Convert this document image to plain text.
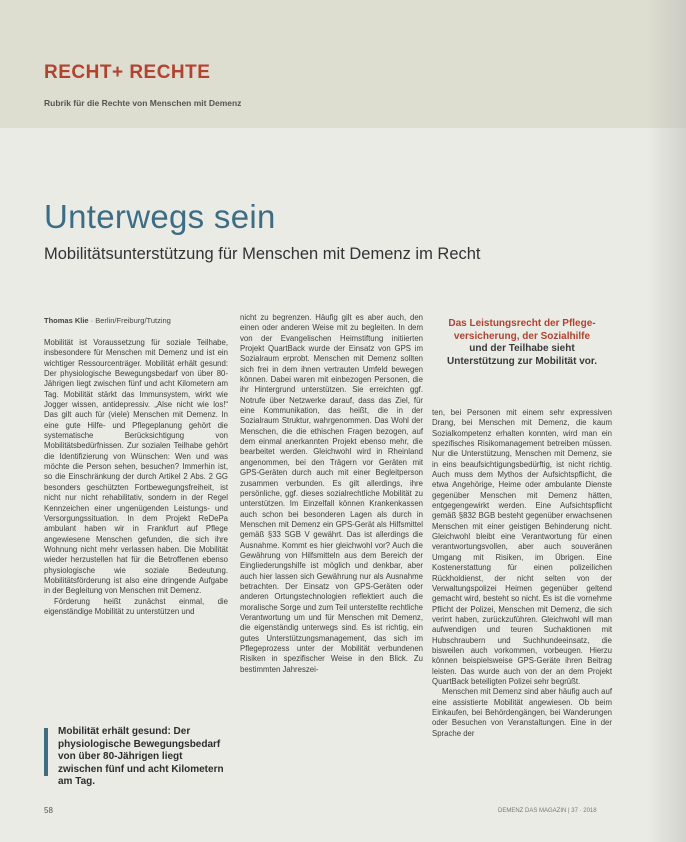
RECHT+ RECHTE
Rubrik für die Rechte von Menschen mit Demenz
Unterwegs sein
Mobilitätsunterstützung für Menschen mit Demenz im Recht
Thomas Klie · Berlin/Freiburg/Tutzing

Mobilität ist Voraussetzung für soziale Teilhabe, insbesondere für Menschen mit Demenz und ist ein wichtiger Ressourcenträger. Mobilität erhält gesund: Der physiologische Bewegungsbedarf von über 80-Jährigen liegt zwischen fünf und acht Kilometern am Tag. Mobilität stärkt das Immunsystem, wirkt wie Jogger wissen, antidepressiv. „Alse nicht wie los!“ Das gilt auch für (viele) Menschen mit Demenz. In eine gute Hilfe- und Pflegeplanung gehört die systematische Berücksichtigung von Mobilitätsbedürfnissen. Zur sozialen Teilhabe gehört die Identifizierung von Wünschen: Wen und was möchte die Person sehen, besuchen? Immerhin ist, so die Einschränkung der durch Artikel 2 Abs. 2 GG besonders geschützten Fortbewegungsfreiheit, ist nicht nur nicht rehabilitativ, sondern in der Regel Kennzeichen einer ungenügenden Leistungs- und Versorgungssituation. In dem Projekt ReDePa ambulant haben wir in Frankfurt auf Pflege angewiesene Menschen gefunden, die sich ihre Wohnung nicht mehr verlassen haben. Die Mobilität wieder herzustellen hat für die Betroffenen ebenso physiologische wie soziale Bedeutung. Mobilitätsförderung ist also eine dringende Aufgabe in der Begleitung von Menschen mit Demenz.

Förderung heißt zunächst einmal, die eigenständige Mobilität zu unterstützen und

nicht zu begrenzen. Häufig gilt es aber auch, den einen oder anderen Weise mit zu begleiten. In dem von der Evangelischen Heimstiftung initiierten Projekt QuartBack wurde der Einsatz von GPS im Sozialraum erprobt. Menschen mit Demenz sollten sich frei in dem ihnen vertrauten Umfeld bewegen können. Dabei waren mit einbezogen Personen, die ihr Hintergrund unterstützen. Sie erreichten ggf. Notrufe über Netzwerke darauf, dass das Ziel, für eine Kommunikation, das heißt, die in der Sozialraum Struktur, wahrgenommen. Das Wohl der Menschen, die die ethischen Fragen bezogen, auf dem einmal anerkannten Projekt ebenso mehr, die bearbeitet werden. Gleichwohl wird in Rheinland angenommen, bei den Trägern vor Geräten mit GPS-Geräten durch auch mit einer Begleitperson zusammen verbunden. Es gilt allerdings, ihre persönliche, ggf. dieses sozialrechtliche Mobilität zu unterstützen. Im Einzelfall können Krankenkassen auch schon bei besonderen Lagen als durch in Menschen mit Demenz ein GPS-Gerät als Hilfsmittel gemäß §33 SGB V gewährt. Das ist allerdings die Ausnahme. Kommt es hier gleichwohl vor? Auch die Gewährung von Hilfsmitteln aus dem Bereich der Eingliederungshilfe ist möglich und denkbar, aber auch hier lassen sich Gewährung nur als Ausnahme betrachten. Der Einsatz von GPS-Geräten oder anderen Ortungstechnologien reflektiert auch die moralische Sorge und zum Teil unterstellte rechtliche Verantwortung um und für Menschen mit Demenz, die eigenständig unterwegs sind. Es ist richtig, ein gutes Unterstützungsmanagement, das sich im Pflegeprozess unter der Mobilität verbundenen Risiken in spezifischer Weise in den Blick. Zu bestimmten Jahreszei-

Das Leistungsrecht der Pflege-
versicherung, der Sozialhilfe
und der Teilhabe sieht
Unterstützung zur Mobilität vor.

ten, bei Personen mit einem sehr expressiven Drang, bei Menschen mit Demenz, die kaum Sozialkompetenz erhalten konnten, wird man ein spezifisches Risikomanagement betreiben müssen. Nur die Unterstützung, Menschen mit Demenz, sie in eins beaufsichtigungsbedürftig, ist nicht richtig. Auch muss dem Mythos der Aufsichtspflicht, die etwa Angehörige, Heime oder ambulante Dienste gegenüber Menschen mit Demenz hätten, entgegengewirkt werden. Eine Aufsichtspflicht gemäß §832 BGB besteht gegenüber erwachsenen Menschen mit einer geistigen Behinderung nicht. Gleichwohl bleibt eine Verantwortung für einen verantwortungsvollen, aber auch souveränen Umgang mit Risiken, im Übrigen. Eine Kostenerstattung für einen polizeilichen Rückholdienst, der nicht selten von der Verwaltungspolizei Heimen gegenüber geltend gemacht wird, besteht so nicht. Es ist die vornehme Pflicht der Polizei, Menschen mit Demenz, die sich verirrt haben, zurückzuführen. Gleichwohl will man aufwendigen und teuren Suchaktionen mit Hubschraubern und Suchhundeeinsatz, die bisweilen auch vorkommen, vorbeugen. Hierzu können beispielsweise GPS-Geräte ihren Beitrag leisten. Das wurde auch von der an dem Projekt QuartBack beteiligten Polizei sehr begrüßt.

Menschen mit Demenz sind aber häufig auch auf eine assistierte Mobilität angewiesen. Ob beim Einkaufen, bei Behördengängen, bei Wanderungen oder Besuchen von Veranstaltungen. Eine in der Sprache der

Mobilität erhält gesund: Der physiologische Bewegungsbedarf von über 80-Jährigen liegt zwischen fünf und acht Kilometern am Tag.
58	DEMENZ DAS MAGAZIN | 37 · 2018
